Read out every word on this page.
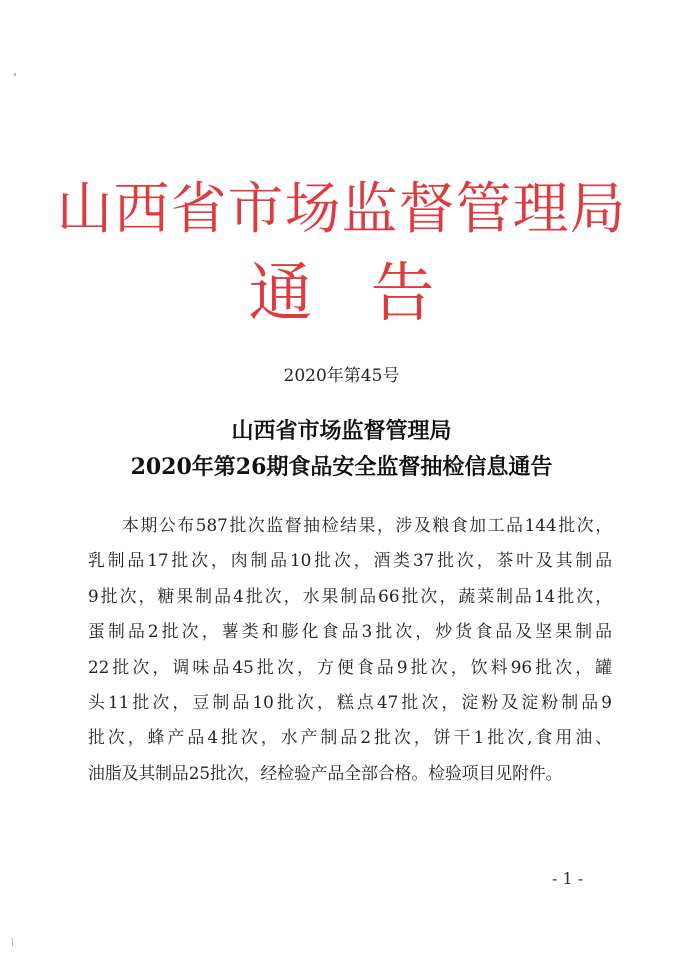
山西省市场监督管理局
通告
2020年第45号
山西省市场监督管理局
2020年第26期食品安全监督抽检信息通告
本期公布587批次监督抽检结果，涉及粮食加工品144批次，
乳制品17批次，肉制品10批次，酒类37批次，茶叶及其制品
9批次，糖果制品4批次，水果制品66批次，蔬菜制品14批次，
蛋制品2批次，薯类和膨化食品3批次，炒货食品及坚果制品
22批次，调味品45批次，方便食品9批次，饮料96批次，罐
头11批次，豆制品10批次，糕点47批次，淀粉及淀粉制品9
批次，蜂产品4批次，水产制品2批次，饼干1批次,食用油、
油脂及其制品25批次，经检验产品全部合格。检验项目见附件。
- 1 -
